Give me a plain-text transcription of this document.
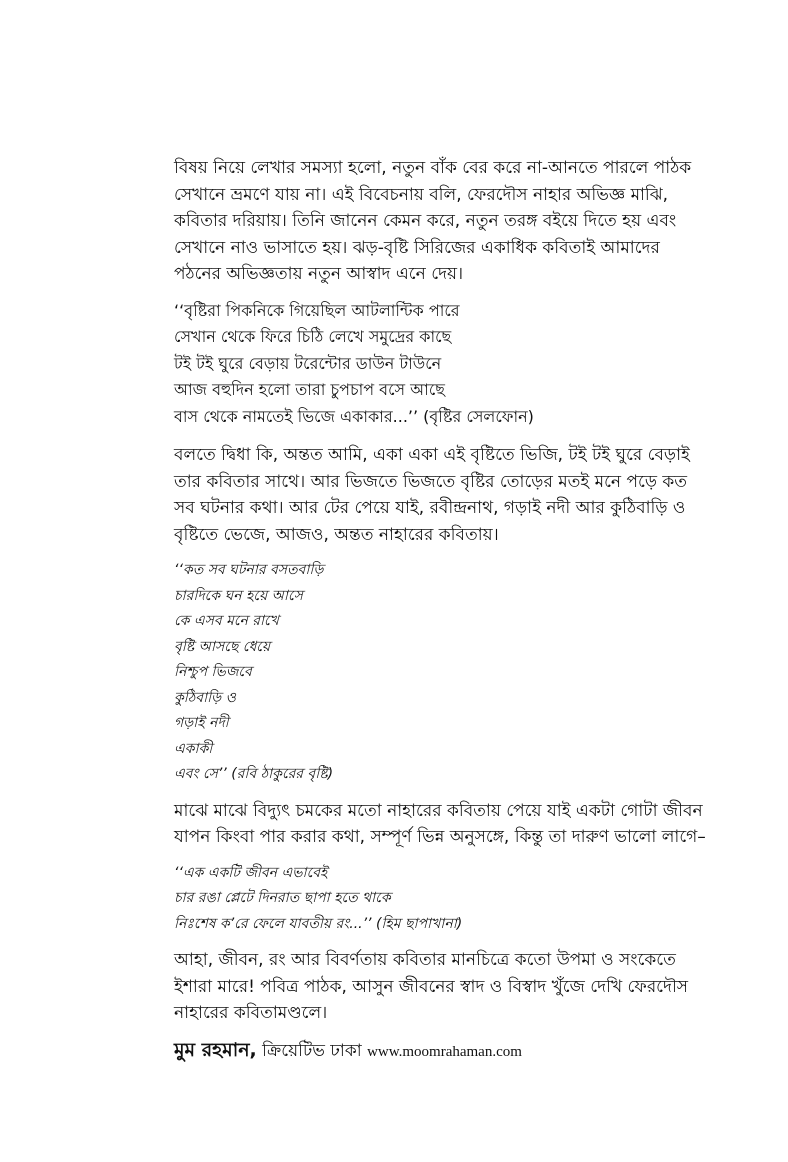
বিষয় নিয়ে লেখার সমস্যা হলো, নতুন বাঁক বের করে না-আনতে পারলে পাঠক
সেখানে ভ্রমণে যায় না। এই বিবেচনায় বলি, ফেরদৌস নাহার অভিজ্ঞ মাঝি,
কবিতার দরিয়ায়। তিনি জানেন কেমন করে, নতুন তরঙ্গ বইয়ে দিতে হয় এবং
সেখানে নাও ভাসাতে হয়। ঝড়-বৃষ্টি সিরিজের একাধিক কবিতাই আমাদের
পঠনের অভিজ্ঞতায় নতুন আস্বাদ এনে দেয়।
‘‘বৃষ্টিরা পিকনিকে গিয়েছিল আটলান্টিক পারে
সেখান থেকে ফিরে চিঠি লেখে সমুদ্রের কাছে
টই টই ঘুরে বেড়ায় টরেন্টোর ডাউন টাউনে
আজ বহুদিন হলো তারা চুপচাপ বসে আছে
বাস থেকে নামতেই ভিজে একাকার...’’ (বৃষ্টির সেলফোন)
বলতে দ্বিধা কি, অন্তত আমি, একা একা এই বৃষ্টিতে ভিজি, টই টই ঘুরে বেড়াই
তার কবিতার সাথে। আর ভিজতে ভিজতে বৃষ্টির তোড়ের মতই মনে পড়ে কত
সব ঘটনার কথা। আর টের পেয়ে যাই, রবীন্দ্রনাথ, গড়াই নদী আর কুঠিবাড়ি ও
বৃষ্টিতে ভেজে, আজও, অন্তত নাহারের কবিতায়।
‘‘কত সব ঘটনার বসতবাড়ি
চারদিকে ঘন হয়ে আসে
কে এসব মনে রাখে
বৃষ্টি আসছে ধেয়ে
নিশ্চুপ ভিজবে
কুঠিবাড়ি ও
গড়াই নদী
একাকী
এবং সে’’ (রবি ঠাকুরের বৃষ্টি)
মাঝে মাঝে বিদ্যুৎ চমকের মতো নাহারের কবিতায় পেয়ে যাই একটা গোটা জীবন
যাপন কিংবা পার করার কথা, সম্পূর্ণ ভিন্ন অনুসঙ্গে, কিন্তু তা দারুণ ভালো লাগে–
‘‘এক একটি জীবন এভাবেই
চার রঙা প্লেটে দিনরাত ছাপা হতে থাকে
নিঃশেষ ক’রে ফেলে যাবতীয় রং...’’ (হিম ছাপাখানা)
আহা, জীবন, রং আর বিবর্ণতায় কবিতার মানচিত্রে কতো উপমা ও সংকেতে
ইশারা মারে! পবিত্র পাঠক, আসুন জীবনের স্বাদ ও বিস্বাদ খুঁজে দেখি ফেরদৌস
নাহারের কবিতামণ্ডলে।
মুম রহমান, ক্রিয়েটিভ ঢাকা www.moomrahaman.com
